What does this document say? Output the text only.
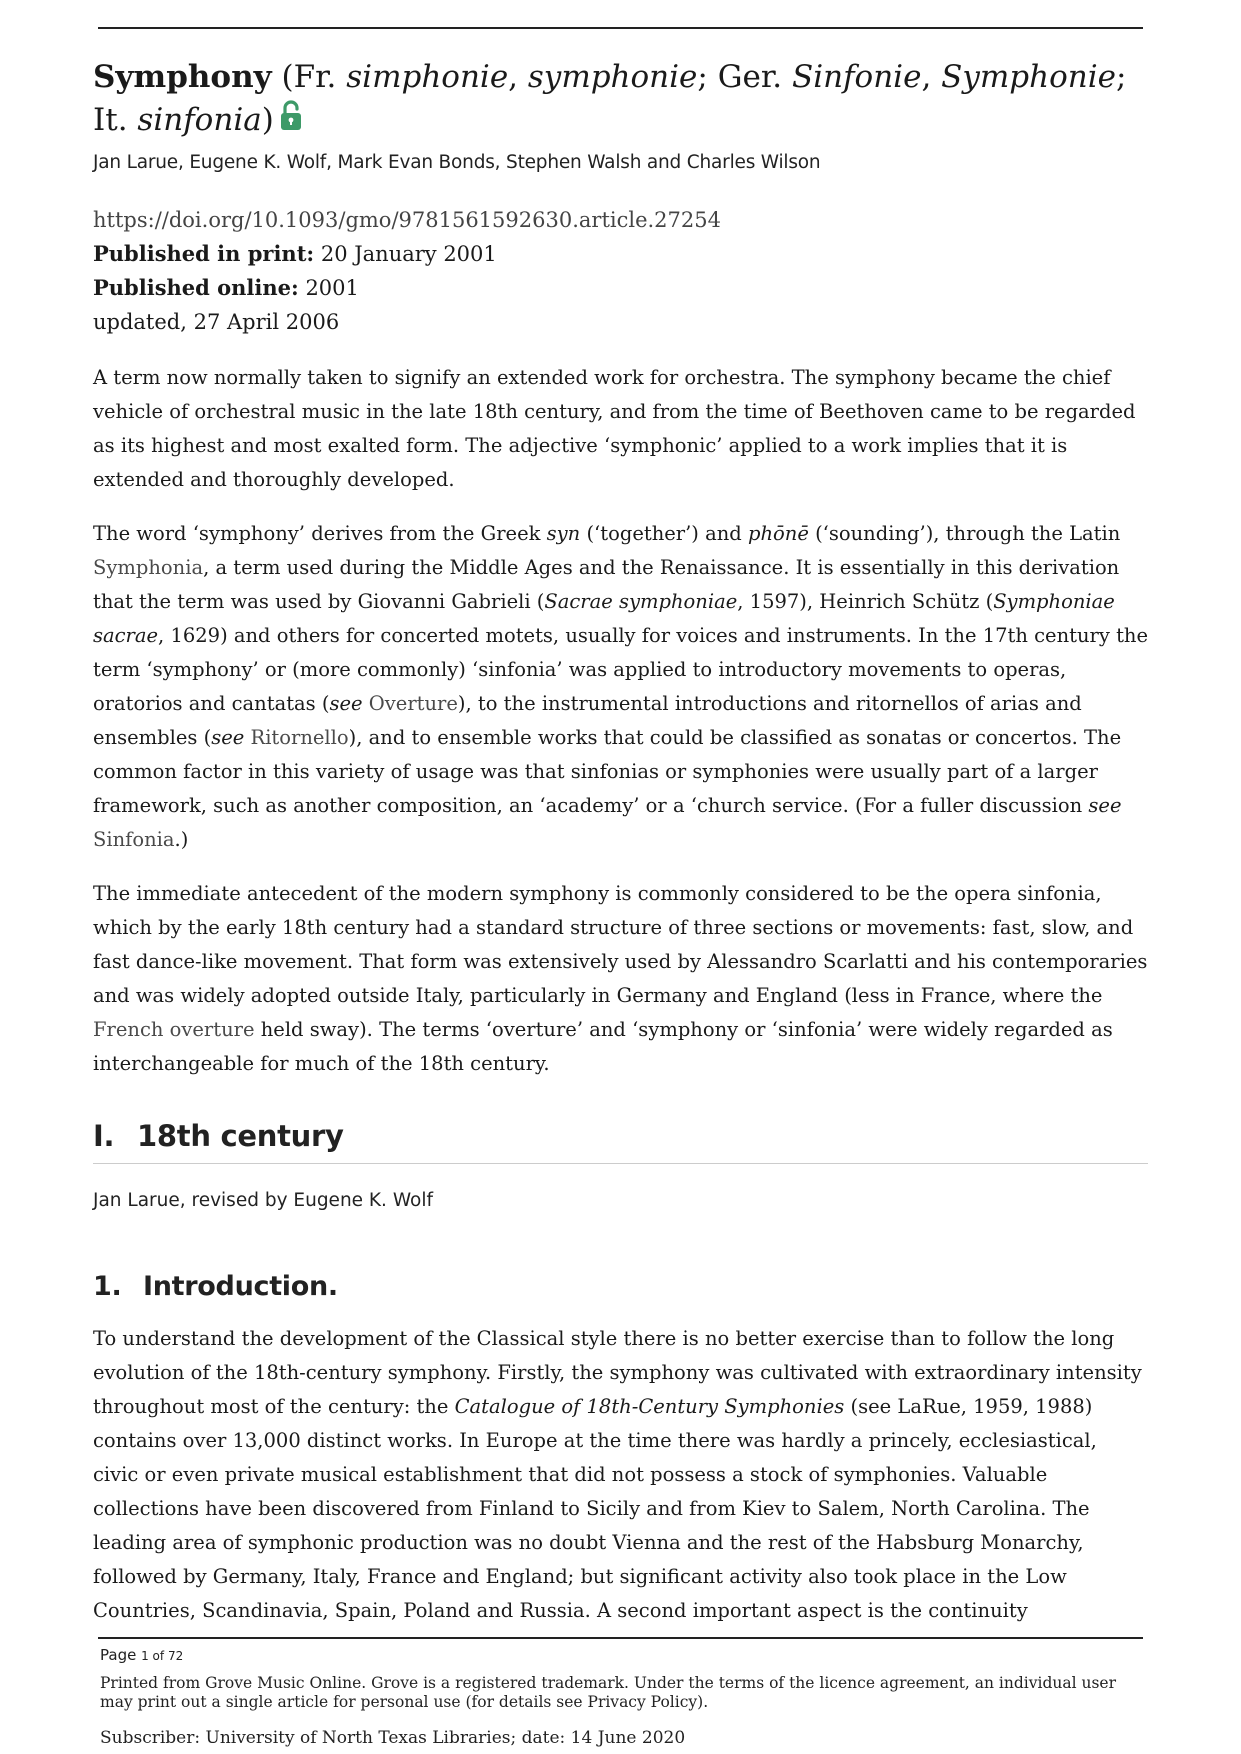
Symphony (Fr. simphonie, symphonie; Ger. Sinfonie, Symphonie; It. sinfonia)
Jan Larue, Eugene K. Wolf, Mark Evan Bonds, Stephen Walsh and Charles Wilson
https://doi.org/10.1093/gmo/9781561592630.article.27254
Published in print: 20 January 2001
Published online: 2001
updated, 27 April 2006

A term now normally taken to signify an extended work for orchestra. The symphony became the chief vehicle of orchestral music in the late 18th century, and from the time of Beethoven came to be regarded as its highest and most exalted form. The adjective ‘symphonic’ applied to a work implies that it is extended and thoroughly developed.

The word ‘symphony’ derives from the Greek syn (‘together’) and phōnē (‘sounding’), through the Latin Symphonia, a term used during the Middle Ages and the Renaissance. It is essentially in this derivation that the term was used by Giovanni Gabrieli (Sacrae symphoniae, 1597), Heinrich Schütz (Symphoniae sacrae, 1629) and others for concerted motets, usually for voices and instruments. In the 17th century the term ‘symphony’ or (more commonly) ‘sinfonia’ was applied to introductory movements to operas, oratorios and cantatas (see Overture), to the instrumental introductions and ritornellos of arias and ensembles (see Ritornello), and to ensemble works that could be classified as sonatas or concertos. The common factor in this variety of usage was that sinfonias or symphonies were usually part of a larger framework, such as another composition, an ‘academy’ or a ‘church service. (For a fuller discussion see Sinfonia.)

The immediate antecedent of the modern symphony is commonly considered to be the opera sinfonia, which by the early 18th century had a standard structure of three sections or movements: fast, slow, and fast dance-like movement. That form was extensively used by Alessandro Scarlatti and his contemporaries and was widely adopted outside Italy, particularly in Germany and England (less in France, where the French overture held sway). The terms ‘overture’ and ‘symphony or ‘sinfonia’ were widely regarded as interchangeable for much of the 18th century.

I. 18th century
Jan Larue, revised by Eugene K. Wolf
1. Introduction.

To understand the development of the Classical style there is no better exercise than to follow the long evolution of the 18th-century symphony. Firstly, the symphony was cultivated with extraordinary intensity throughout most of the century: the Catalogue of 18th-Century Symphonies (see LaRue, 1959, 1988) contains over 13,000 distinct works. In Europe at the time there was hardly a princely, ecclesiastical, civic or even private musical establishment that did not possess a stock of symphonies. Valuable collections have been discovered from Finland to Sicily and from Kiev to Salem, North Carolina. The leading area of symphonic production was no doubt Vienna and the rest of the Habsburg Monarchy, followed by Germany, Italy, France and England; but significant activity also took place in the Low Countries, Scandinavia, Spain, Poland and Russia. A second important aspect is the continuity

Page 1 of 72
Printed from Grove Music Online. Grove is a registered trademark. Under the terms of the licence agreement, an individual user may print out a single article for personal use (for details see Privacy Policy).
Subscriber: University of North Texas Libraries; date: 14 June 2020
